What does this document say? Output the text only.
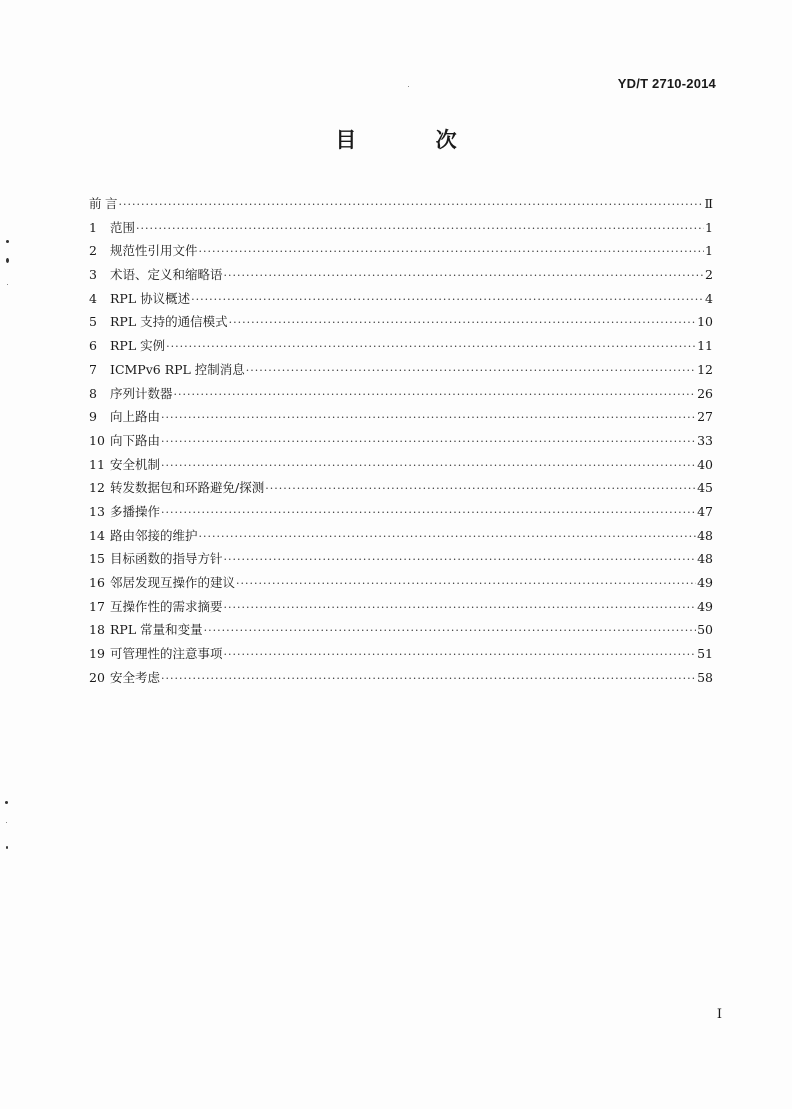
YD/T 2710-2014
目 次
前 言 ·····	Ⅱ
1	范围 ·····	1
2	规范性引用文件 ·····	1
3	术语、定义和缩略语 ·····	2
4	RPL 协议概述 ·····	4
5	RPL 支持的通信模式 ·····	10
6	RPL 实例 ·····	11
7	ICMPv6 RPL 控制消息 ·····	12
8	序列计数器 ·····	26
9	向上路由 ·····	27
10 向下路由 ·····	33
11 安全机制 ·····	40
12 转发数据包和环路避免/探测 ·····	45
13 多播操作 ·····	47
14 路由邻接的维护 ·····	48
15 目标函数的指导方针 ·····	48
16 邻居发现互操作的建议 ·····	49
17 互操作性的需求摘要 ·····	49
18 RPL 常量和变量 ·····	50
19 可管理性的注意事项 ·····	51
20 安全考虑 ·····	58
I
